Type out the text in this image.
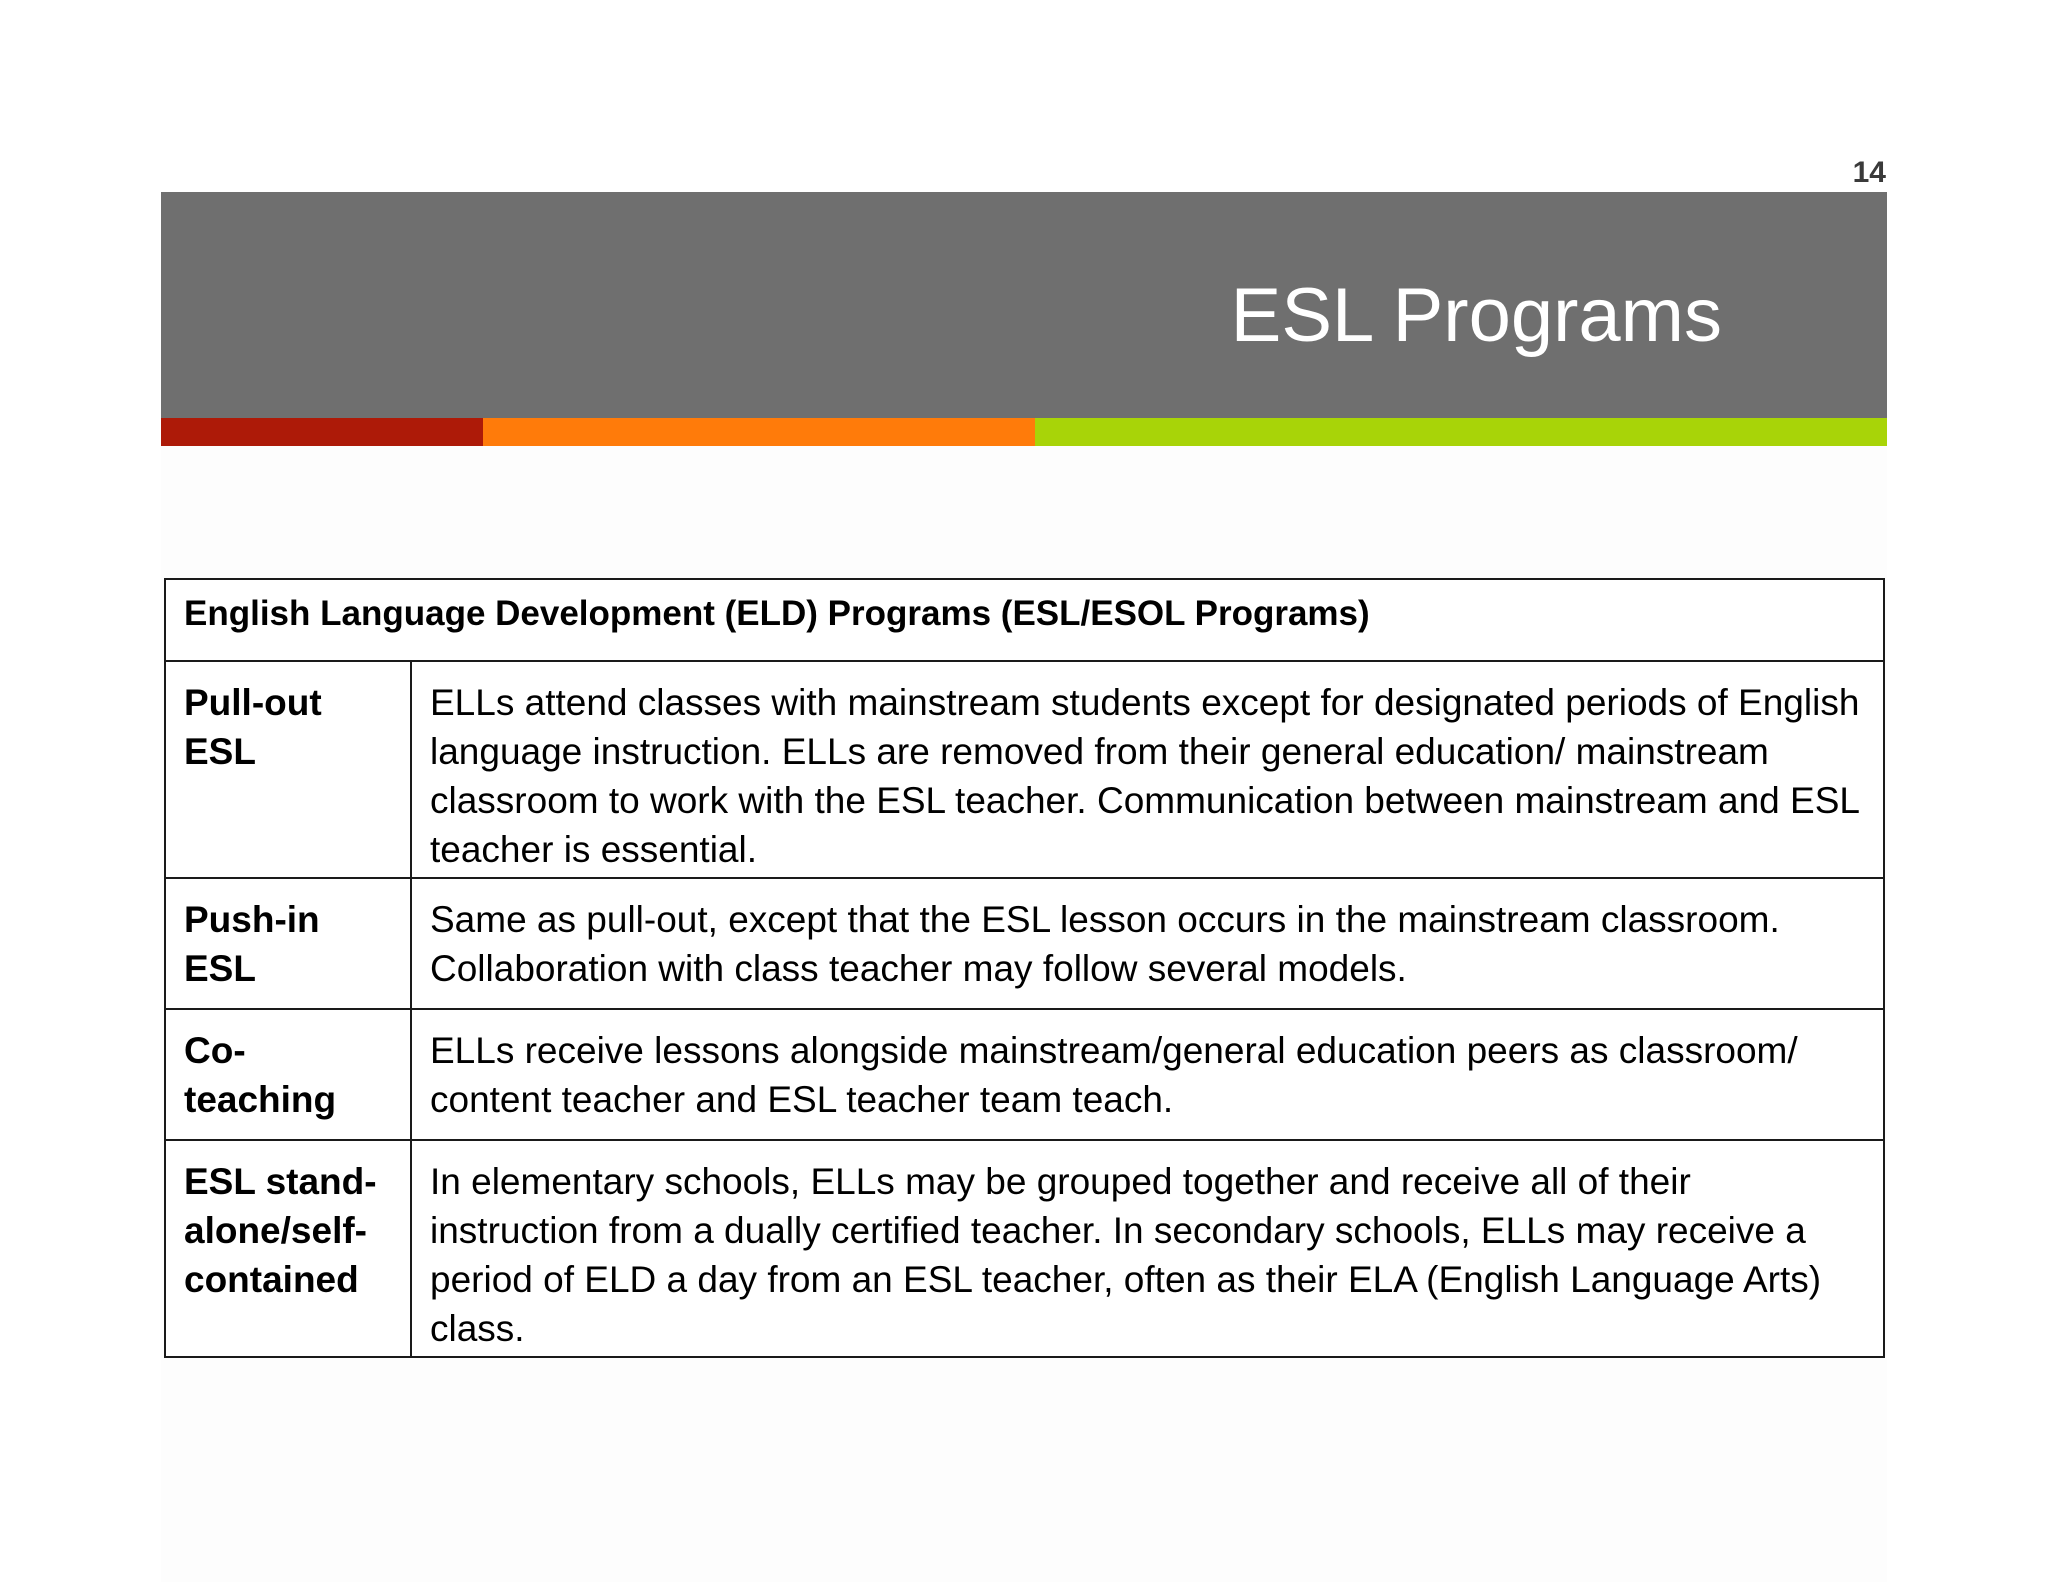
14
ESL Programs
English Language Development (ELD) Programs (ESL/ESOL Programs)	
Pull-out ESL	ELLs attend classes with mainstream students except for designated periods of English language instruction. ELLs are removed from their general education/ mainstream classroom to work with the ESL teacher. Communication between mainstream and ESL teacher is essential.
Push-in ESL	Same as pull-out, except that the ESL lesson occurs in the mainstream classroom. Collaboration with class teacher may follow several models.
Co-teaching	ELLs receive lessons alongside mainstream/general education peers as classroom/ content teacher and ESL teacher team teach.
ESL stand-alone/self-contained	In elementary schools, ELLs may be grouped together and receive all of their instruction from a dually certified teacher. In secondary schools, ELLs may receive a period of ELD a day from an ESL teacher, often as their ELA (English Language Arts) class.
